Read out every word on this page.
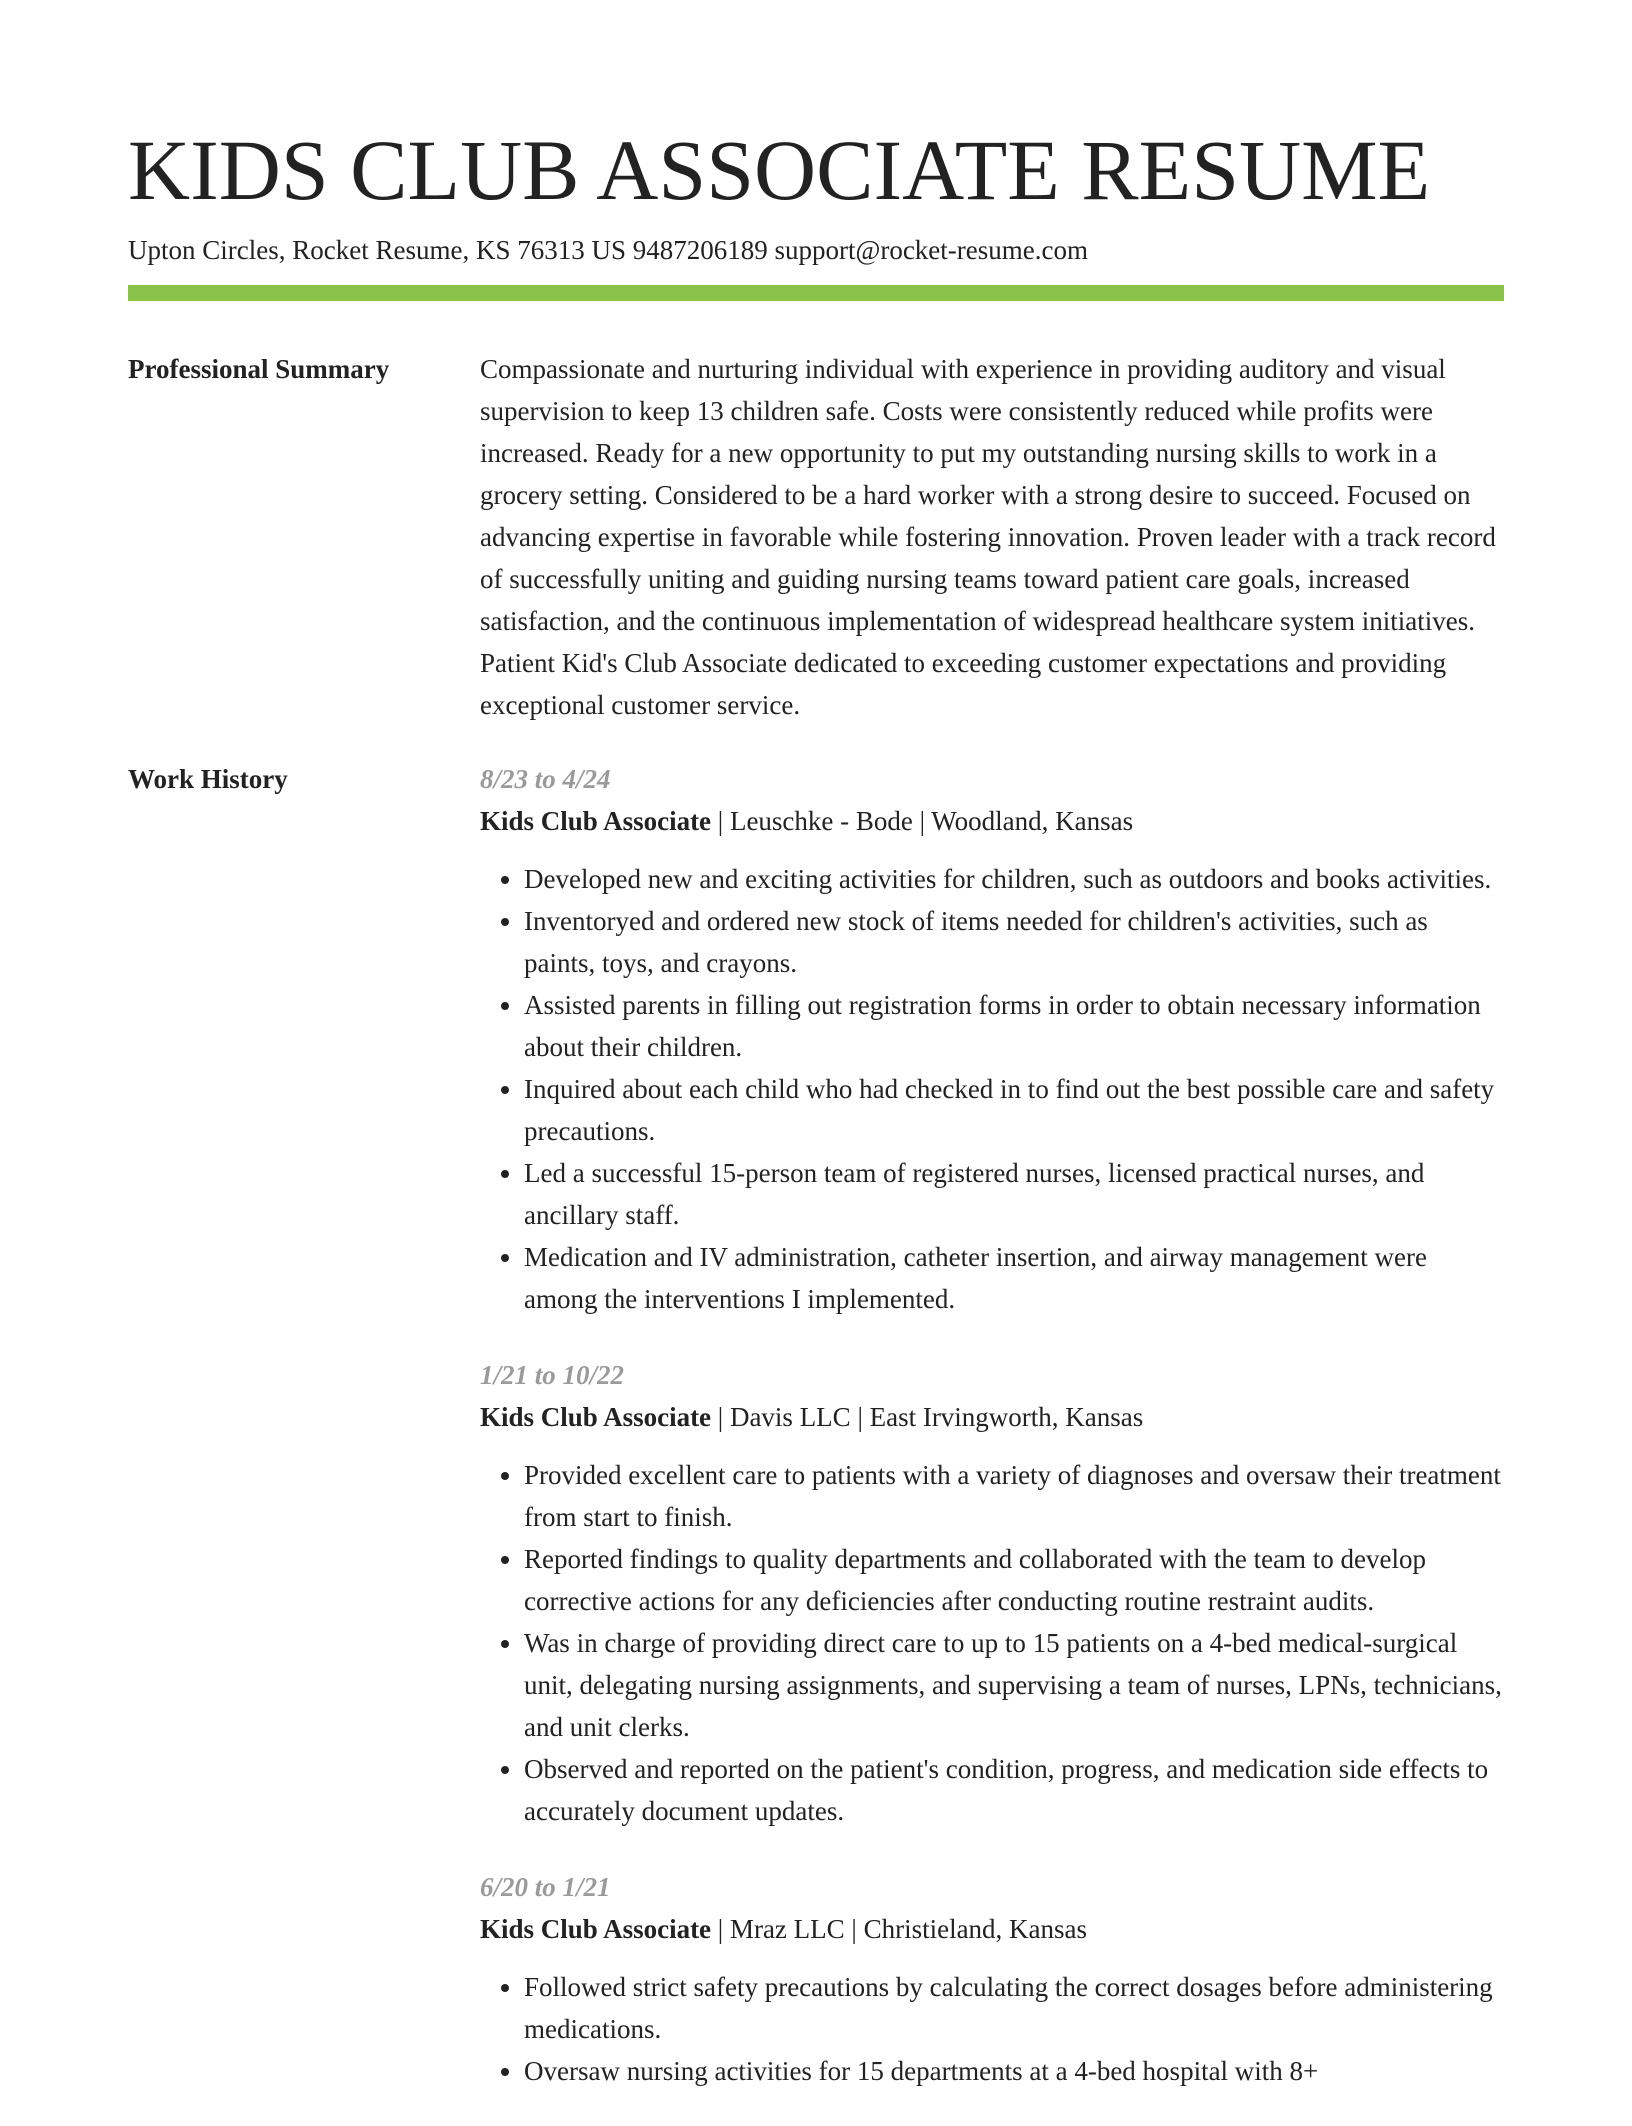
KIDS CLUB ASSOCIATE RESUME
Upton Circles, Rocket Resume, KS 76313 US 9487206189 support@rocket-resume.com
Professional Summary	Compassionate and nurturing individual with experience in providing auditory and visual supervision to keep 13 children safe. Costs were consistently reduced while profits were increased. Ready for a new opportunity to put my outstanding nursing skills to work in a grocery setting. Considered to be a hard worker with a strong desire to succeed. Focused on advancing expertise in favorable while fostering innovation. Proven leader with a track record of successfully uniting and guiding nursing teams toward patient care goals, increased satisfaction, and the continuous implementation of widespread healthcare system initiatives. Patient Kid's Club Associate dedicated to exceeding customer expectations and providing exceptional customer service.

Work History	8/23 to 4/24
Kids Club Associate | Leuschke - Bode | Woodland, Kansas
• Developed new and exciting activities for children, such as outdoors and books activities.
• Inventoryed and ordered new stock of items needed for children's activities, such as paints, toys, and crayons.
• Assisted parents in filling out registration forms in order to obtain necessary information about their children.
• Inquired about each child who had checked in to find out the best possible care and safety precautions.
• Led a successful 15-person team of registered nurses, licensed practical nurses, and ancillary staff.
• Medication and IV administration, catheter insertion, and airway management were among the interventions I implemented.
1/21 to 10/22
Kids Club Associate | Davis LLC | East Irvingworth, Kansas
• Provided excellent care to patients with a variety of diagnoses and oversaw their treatment from start to finish.
• Reported findings to quality departments and collaborated with the team to develop corrective actions for any deficiencies after conducting routine restraint audits.
• Was in charge of providing direct care to up to 15 patients on a 4-bed medical-surgical unit, delegating nursing assignments, and supervising a team of nurses, LPNs, technicians, and unit clerks.
• Observed and reported on the patient's condition, progress, and medication side effects to accurately document updates.
6/20 to 1/21
Kids Club Associate | Mraz LLC | Christieland, Kansas
• Followed strict safety precautions by calculating the correct dosages before administering medications.
• Oversaw nursing activities for 15 departments at a 4-bed hospital with 8+
